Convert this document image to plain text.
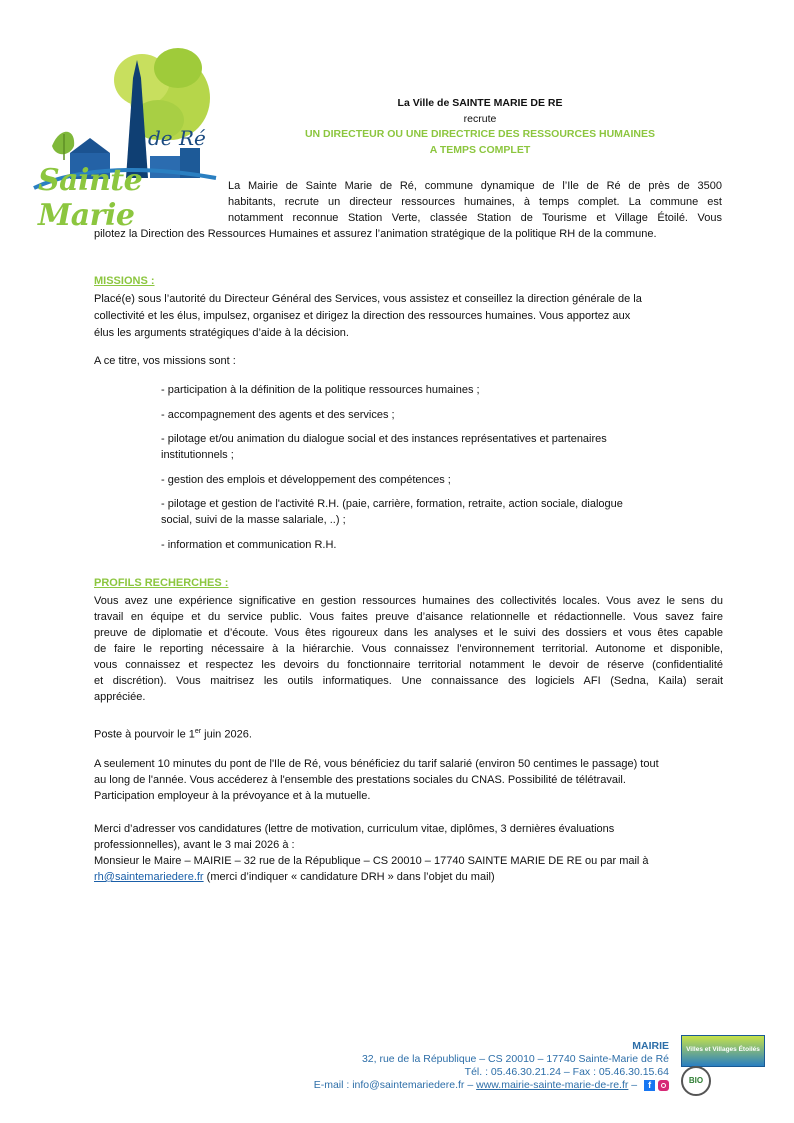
de Ré
Sainte Marie
La Ville de SAINTE MARIE DE RE
recrute
UN DIRECTEUR OU UNE DIRECTRICE DES RESSOURCES HUMAINES
A TEMPS COMPLET
La Mairie de Sainte Marie de Ré, commune dynamique de l’Ile de Ré de près de 3500
habitants, recrute un directeur ressources humaines, à temps complet. La commune est
notamment reconnue Station Verte, classée Station de Tourisme et Village Étoilé. Vous
pilotez la Direction des Ressources Humaines et assurez l’animation stratégique de la politique RH de la commune.
MISSIONS :
Placé(e) sous l’autorité du Directeur Général des Services, vous assistez et conseillez la direction générale de la
collectivité et les élus, impulsez, organisez et dirigez la direction des ressources humaines. Vous apportez aux
élus les arguments stratégiques d’aide à la décision.
A ce titre, vos missions sont :
- participation à la définition de la politique ressources humaines ;
- accompagnement des agents et des services ;
- pilotage et/ou animation du dialogue social et des instances représentatives et partenaires
institutionnels ;
- gestion des emplois et développement des compétences ;
- pilotage et gestion de l'activité R.H. (paie, carrière, formation, retraite, action sociale, dialogue
social, suivi de la masse salariale, ..) ;
- information et communication R.H.
PROFILS RECHERCHES :
Vous avez une expérience significative en gestion ressources humaines des collectivités locales. Vous avez le sens du
travail en équipe et du service public. Vous faites preuve d’aisance relationnelle et rédactionnelle. Vous savez faire
preuve de diplomatie et d’écoute. Vous êtes rigoureux dans les analyses et le suivi des dossiers et vous êtes capable
de faire le reporting nécessaire à la hiérarchie. Vous connaissez l'environnement territorial. Autonome et disponible,
vous connaissez et respectez les devoirs du fonctionnaire territorial notamment le devoir de réserve (confidentialité
et discrétion). Vous maitrisez les outils informatiques. Une connaissance des logiciels AFI (Sedna, Kaila) serait
appréciée.
Poste à pourvoir le 1er juin 2026.
A seulement 10 minutes du pont de l'Ile de Ré, vous bénéficiez du tarif salarié (environ 50 centimes le passage) tout
au long de l'année. Vous accéderez à l'ensemble des prestations sociales du CNAS. Possibilité de télétravail.
Participation employeur à la prévoyance et à la mutuelle.
Merci d’adresser vos candidatures (lettre de motivation, curriculum vitae, diplômes, 3 dernières évaluations
professionnelles), avant le 3 mai 2026 à :
Monsieur le Maire – MAIRIE – 32 rue de la République – CS 20010 – 17740 SAINTE MARIE DE RE ou par mail à
rh@saintemariedere.fr (merci d’indiquer « candidature DRH » dans l’objet du mail)
MAIRIE
32, rue de la République – CS 20010 – 17740 Sainte-Marie de Ré
Tél. : 05.46.30.21.24 – Fax : 05.46.30.15.64
E-mail : info@saintemariedere.fr – www.mairie-sainte-marie-de-re.fr – f
Villes et Villages Étoilés
BIO
